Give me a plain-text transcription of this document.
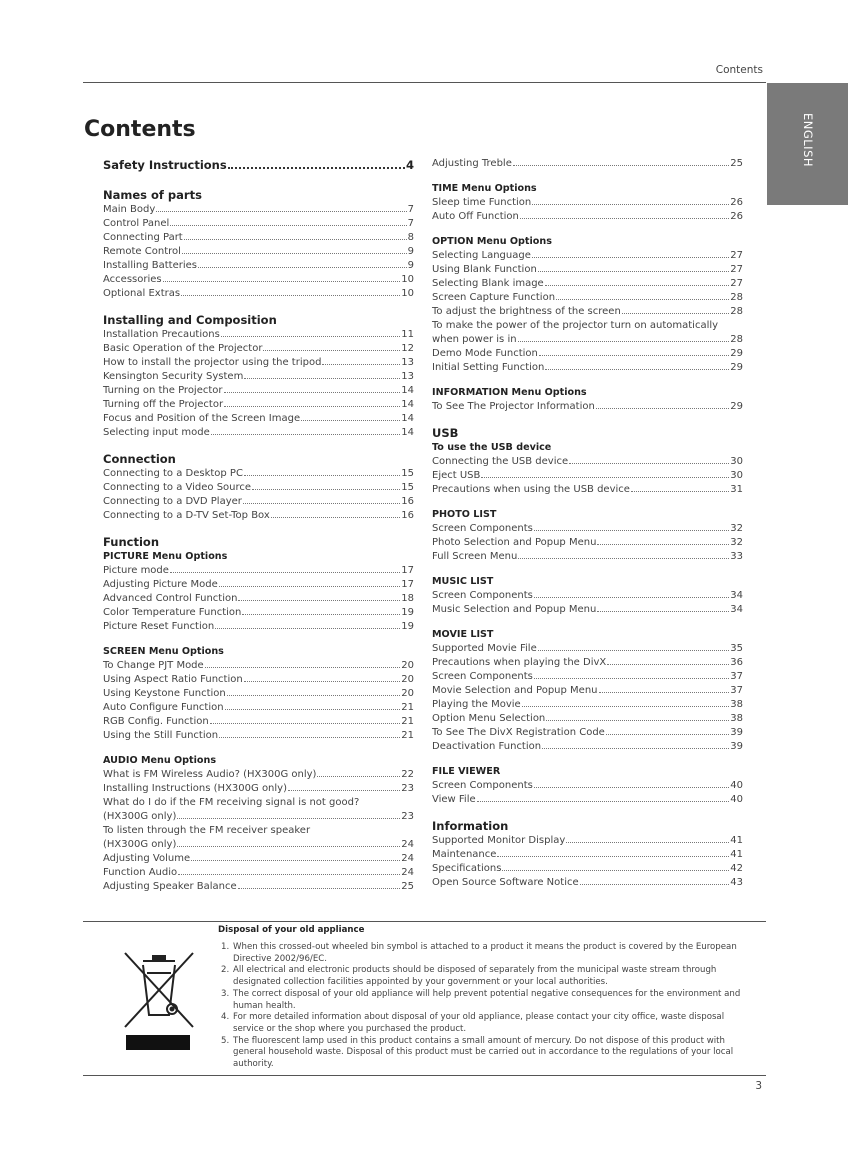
Contents
ENGLISH
Contents
Safety Instructions	4
Names of parts
Main Body	7
Control Panel	7
Connecting Part	8
Remote Control	9
Installing Batteries	9
Accessories	10
Optional Extras	10
Installing and Composition
Installation Precautions	11
Basic Operation of the Projector	12
How to install the projector using the tripod	13
Kensington Security System	13
Turning on the Projector	14
Turning off the Projector	14
Focus and Position of the Screen Image	14
Selecting input mode	14
Connection
Connecting to a Desktop PC	15
Connecting to a Video Source	15
Connecting to a DVD Player	16
Connecting to a D-TV Set-Top Box	16
Function
PICTURE Menu Options
Picture mode	17
Adjusting Picture Mode	17
Advanced Control Function	18
Color Temperature Function	19
Picture Reset Function	19
SCREEN Menu Options
To Change PJT Mode	20
Using Aspect Ratio Function	20
Using Keystone Function	20
Auto Configure Function	21
RGB Config. Function	21
Using the Still Function	21
AUDIO Menu Options
What is FM Wireless Audio? (HX300G only)	22
Installing Instructions (HX300G only)	23
What do I do if the FM receiving signal is not good?
(HX300G only)	23
To listen through the FM receiver speaker
(HX300G only)	24
Adjusting Volume	24
Function Audio	24
Adjusting Speaker Balance	25
Adjusting Treble	25
TIME Menu Options
Sleep time Function	26
Auto Off Function	26
OPTION Menu Options
Selecting Language	27
Using Blank Function	27
Selecting Blank image	27
Screen Capture Function	28
To adjust the brightness of the screen	28
To make the power of the projector turn on automatically
when power is in	28
Demo Mode Function	29
Initial Setting Function	29
INFORMATION Menu Options
To See The Projector Information	29
USB
To use the USB device
Connecting the USB device	30
Eject USB	30
Precautions when using the USB device	31
PHOTO LIST
Screen Components	32
Photo Selection and Popup Menu	32
Full Screen Menu	33
MUSIC LIST
Screen Components	34
Music Selection and Popup Menu	34
MOVIE LIST
Supported Movie File	35
Precautions when playing the DivX	36
Screen Components	37
Movie Selection and Popup Menu	37
Playing the Movie	38
Option Menu Selection	38
To See The DivX Registration Code	39
Deactivation Function	39
FILE VIEWER
Screen Components	40
View File	40
Information
Supported Monitor Display	41
Maintenance	41
Specifications	42
Open Source Software Notice	43
Disposal of your old appliance
1. When this crossed-out wheeled bin symbol is attached to a product it means the product is covered by the European Directive 2002/96/EC.
2. All electrical and electronic products should be disposed of separately from the municipal waste stream through designated collection facilities appointed by your government or your local authorities.
3. The correct disposal of your old appliance will help prevent potential negative consequences for the environment and human health.
4. For more detailed information about disposal of your old appliance, please contact your city office, waste disposal service or the shop where you purchased the product.
5. The fluorescent lamp used in this product contains a small amount of mercury. Do not dispose of this product with general household waste. Disposal of this product must be carried out in accordance to the regulations of your local authority.
3
